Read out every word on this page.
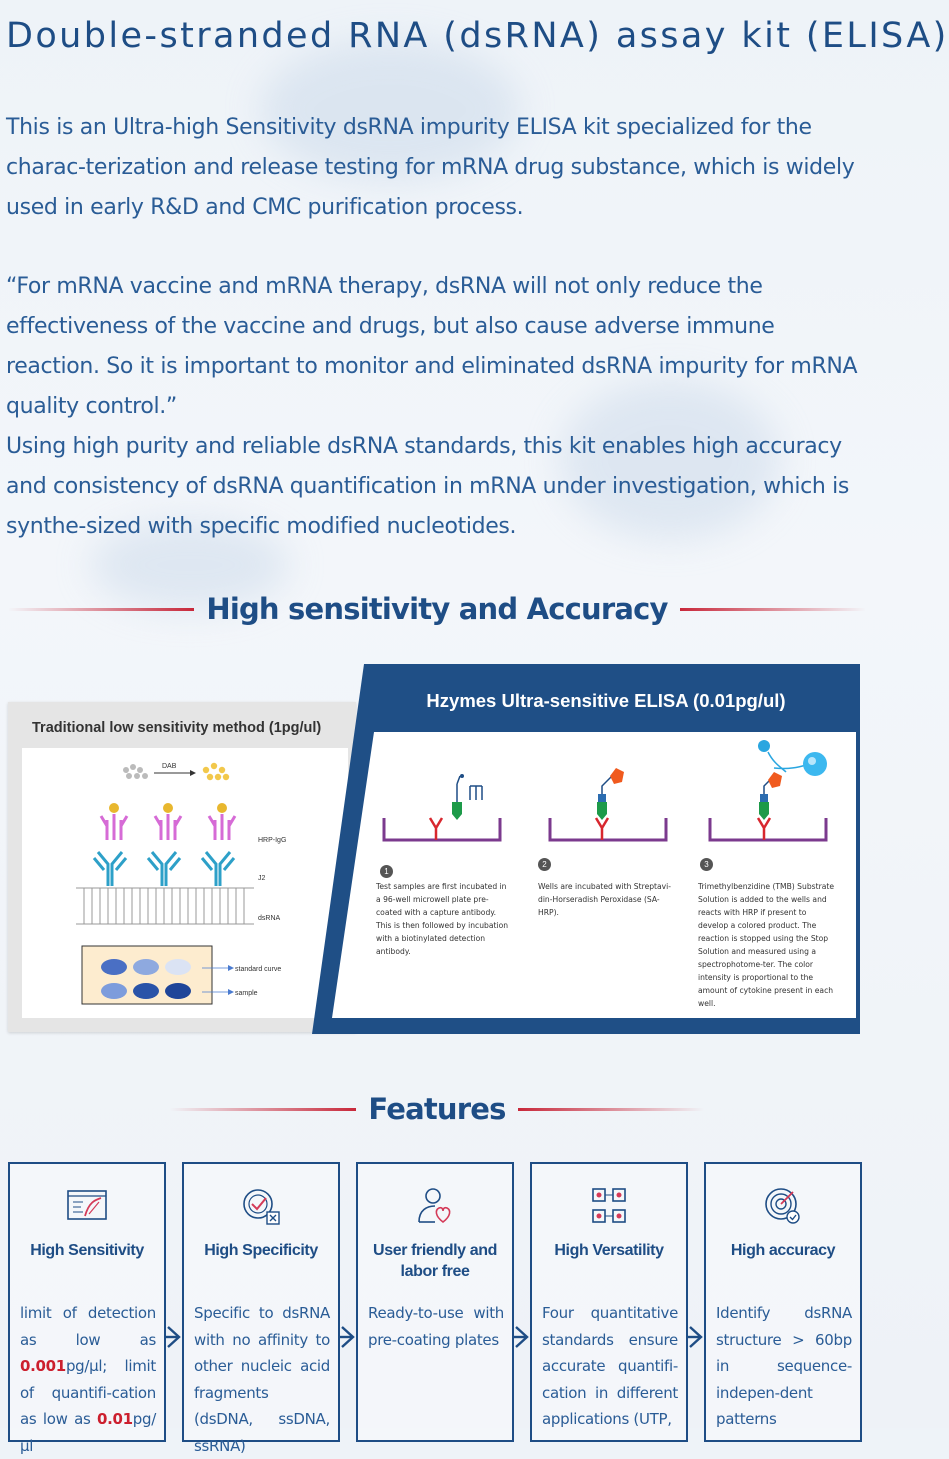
Double-stranded RNA (dsRNA) assay kit (ELISA)

This is an Ultra-high Sensitivity dsRNA impurity ELISA kit specialized for the charac-terization and release testing for mRNA drug substance, which is widely used in early R&D and CMC purification process.

“For mRNA vaccine and mRNA therapy, dsRNA will not only reduce the effectiveness of the vaccine and drugs, but also cause adverse immune reaction. So it is important to monitor and eliminated dsRNA impurity for mRNA quality control.”

Using high purity and reliable dsRNA standards, this kit enables high accuracy and consistency of dsRNA quantification in mRNA under investigation, which is synthe-sized with specific modified nucleotides.

High sensitivity and Accuracy
Traditional low sensitivity method (1pg/ul)
DAB
HRP-IgG
J2
dsRNA
standard curve
sample
Hzymes Ultra-sensitive ELISA (0.01pg/ul)
1
Test samples are first incubated in a 96-well microwell plate pre-coated with a capture antibody. This is then followed by incubation with a biotinylated detection antibody.
2
Wells are incubated with Streptavi-din-Horseradish Peroxidase (SA-HRP).
3
Trimethylbenzidine (TMB) Substrate Solution is added to the wells and reacts with HRP if present to develop a colored product. The reaction is stopped using the Stop Solution and measured using a spectrophotome-ter. The color intensity is proportional to the amount of cytokine present in each well.
Features
High Sensitivity
limit of detection as low as 0.001pg/µl; limit of quantifi-cation as low as 0.01pg/µl
High Specificity
Specific to dsRNA with no affinity to other nucleic acid fragments (dsDNA, ssDNA, ssRNA)
User friendly and labor free
Ready-to-use with pre-coating plates
High Versatility
Four quantitative standards ensure accurate quantifi-cation in different applications (UTP,
High accuracy
Identify dsRNA structure > 60bp in sequence-indepen-dent patterns
